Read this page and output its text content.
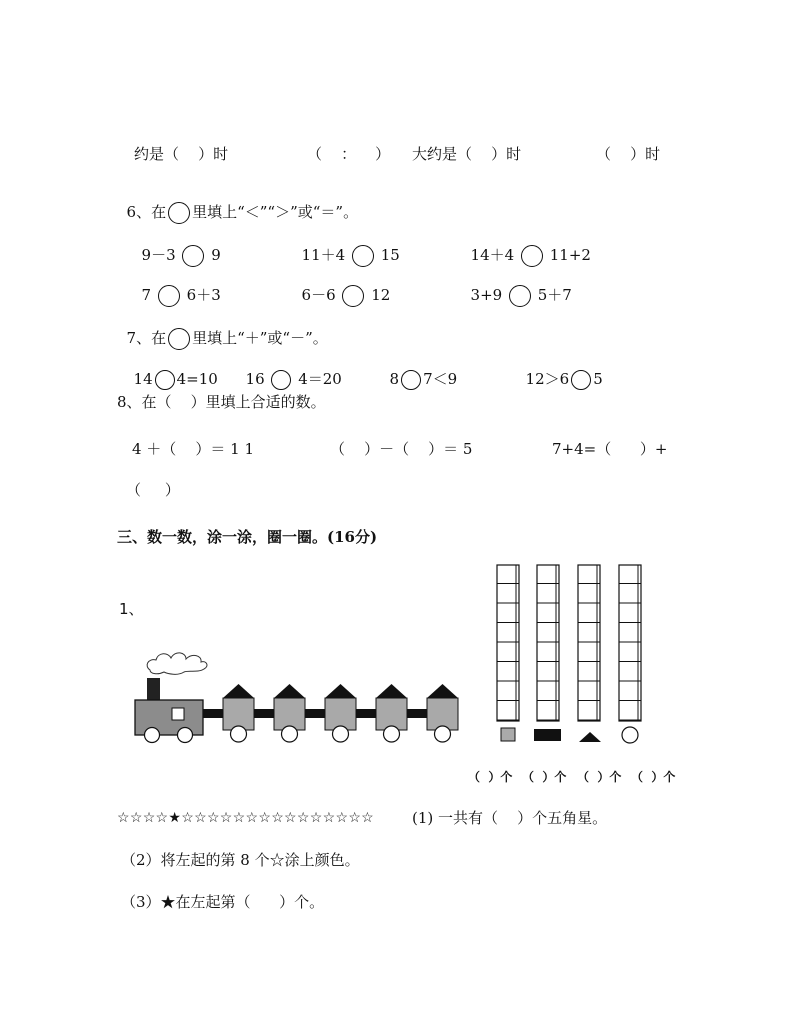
约是（    ）时	（    ：    ） 大约是（    ）时	（    ）时

6、在 里填上“＜”“＞”或“＝”。

9－3 9	11＋4 15	14＋4 11+2

7 6＋3	6－6 12	3+9 5＋7

7、在 里填上“＋”或“－”。

14 4=10	16 4＝20	8 7＜9	12＞6 5

8、在（    ）里填上合适的数。
4 ＋（    ）＝ 1 1	（    ）－（    ）＝ 5	7+4=（      ）+
（     ）
三、数一数，涂一涂，圈一圈。(16分)
1、
（  ）个 （  ）个 （  ）个 （  ）个
☆☆☆☆★☆☆☆☆☆☆☆☆☆☆☆☆☆☆☆	(1) 一共有（    ）个五角星。
（2）将左起的第 8 个☆涂上颜色。
（3）★在左起第（      ）个。
